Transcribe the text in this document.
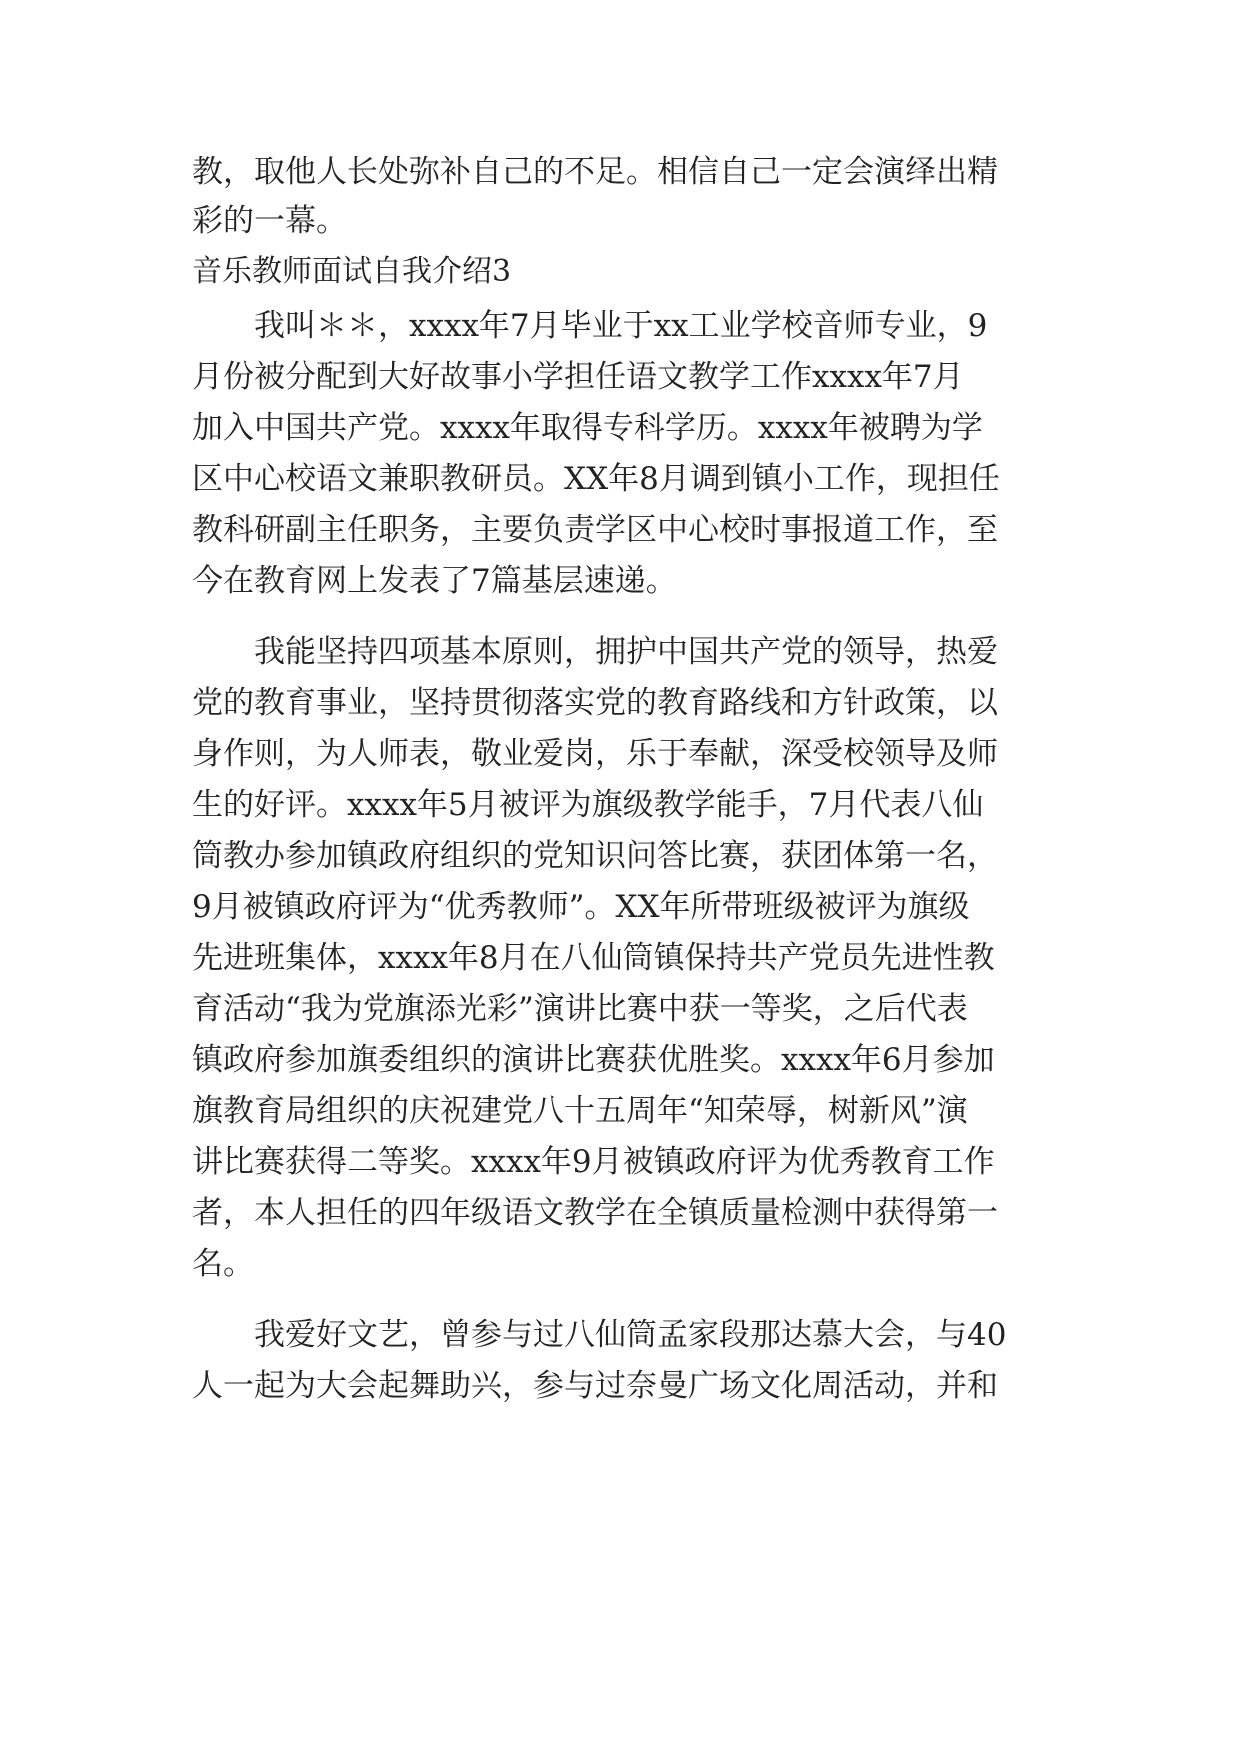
教，取他人长处弥补自己的不足。相信自己一定会演绎出精
彩的一幕。
音乐教师面试自我介绍3
　　我叫＊＊，xxxx年7月毕业于xx工业学校音师专业，9
月份被分配到大好故事小学担任语文教学工作xxxx年7月
加入中国共产党。xxxx年取得专科学历。xxxx年被聘为学
区中心校语文兼职教研员。XX年8月调到镇小工作，现担任
教科研副主任职务，主要负责学区中心校时事报道工作，至
今在教育网上发表了7篇基层速递。
　　我能坚持四项基本原则，拥护中国共产党的领导，热爱
党的教育事业，坚持贯彻落实党的教育路线和方针政策，以
身作则，为人师表，敬业爱岗，乐于奉献，深受校领导及师
生的好评。xxxx年5月被评为旗级教学能手，7月代表八仙
筒教办参加镇政府组织的党知识问答比赛，获团体第一名，
9月被镇政府评为“优秀教师”。XX年所带班级被评为旗级
先进班集体，xxxx年8月在八仙筒镇保持共产党员先进性教
育活动“我为党旗添光彩”演讲比赛中获一等奖，之后代表
镇政府参加旗委组织的演讲比赛获优胜奖。xxxx年6月参加
旗教育局组织的庆祝建党八十五周年“知荣辱，树新风”演
讲比赛获得二等奖。xxxx年9月被镇政府评为优秀教育工作
者，本人担任的四年级语文教学在全镇质量检测中获得第一
名。
　　我爱好文艺，曾参与过八仙筒孟家段那达慕大会，与40
人一起为大会起舞助兴，参与过奈曼广场文化周活动，并和
